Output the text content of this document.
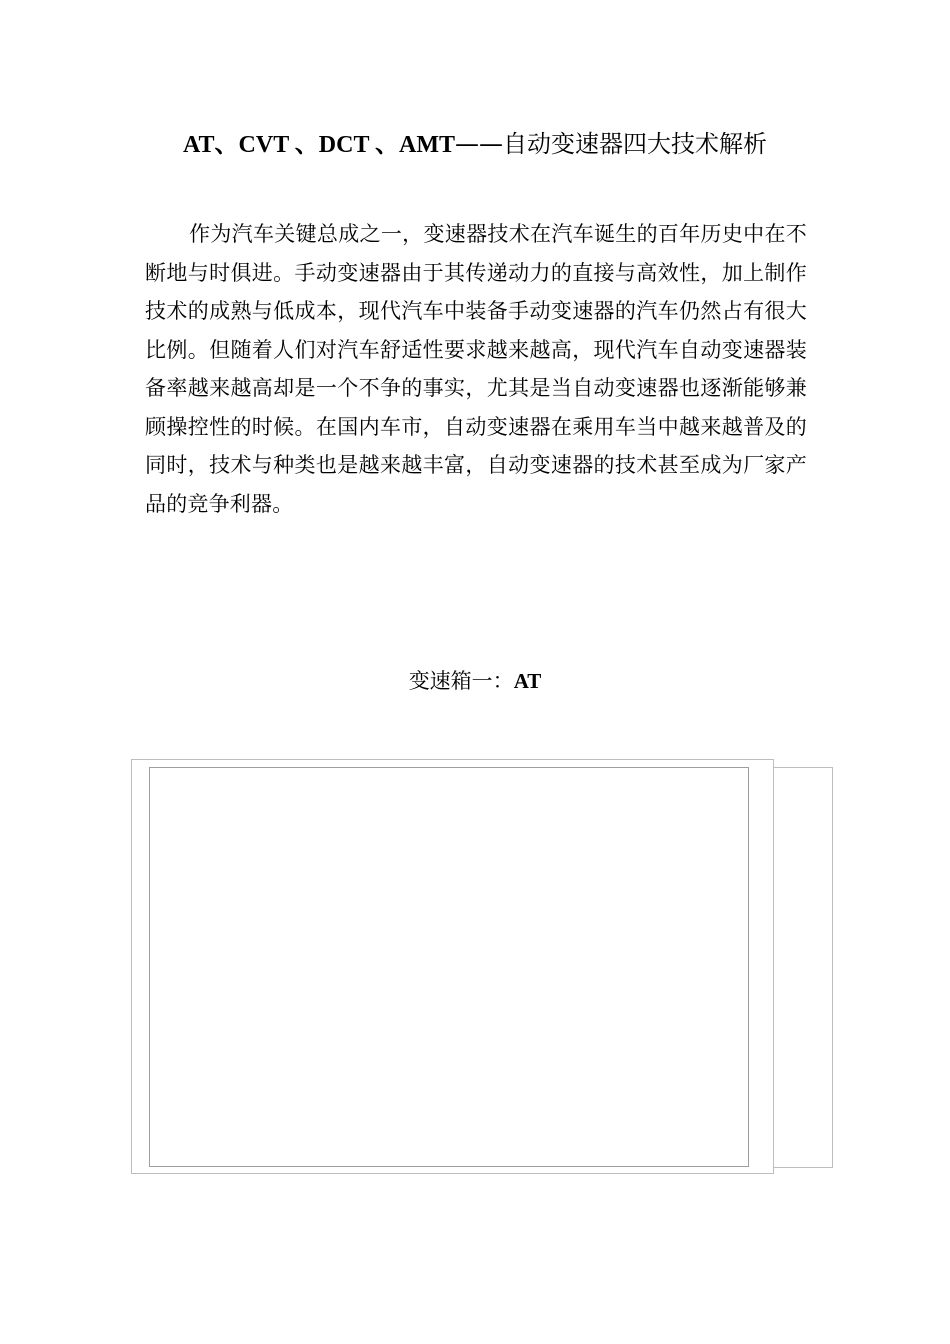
AT、CVT 、DCT 、AMT——自动变速器四大技术解析

作为汽车关键总成之一，变速器技术在汽车诞生的百年历史中在不断地与时俱进。手动变速器由于其传递动力的直接与高效性，加上制作技术的成熟与低成本，现代汽车中装备手动变速器的汽车仍然占有很大比例。但随着人们对汽车舒适性要求越来越高，现代汽车自动变速器装备率越来越高却是一个不争的事实，尤其是当自动变速器也逐渐能够兼顾操控性的时候。在国内车市，自动变速器在乘用车当中越来越普及的同时，技术与种类也是越来越丰富，自动变速器的技术甚至成为厂家产品的竞争利器。

变速箱一：AT
